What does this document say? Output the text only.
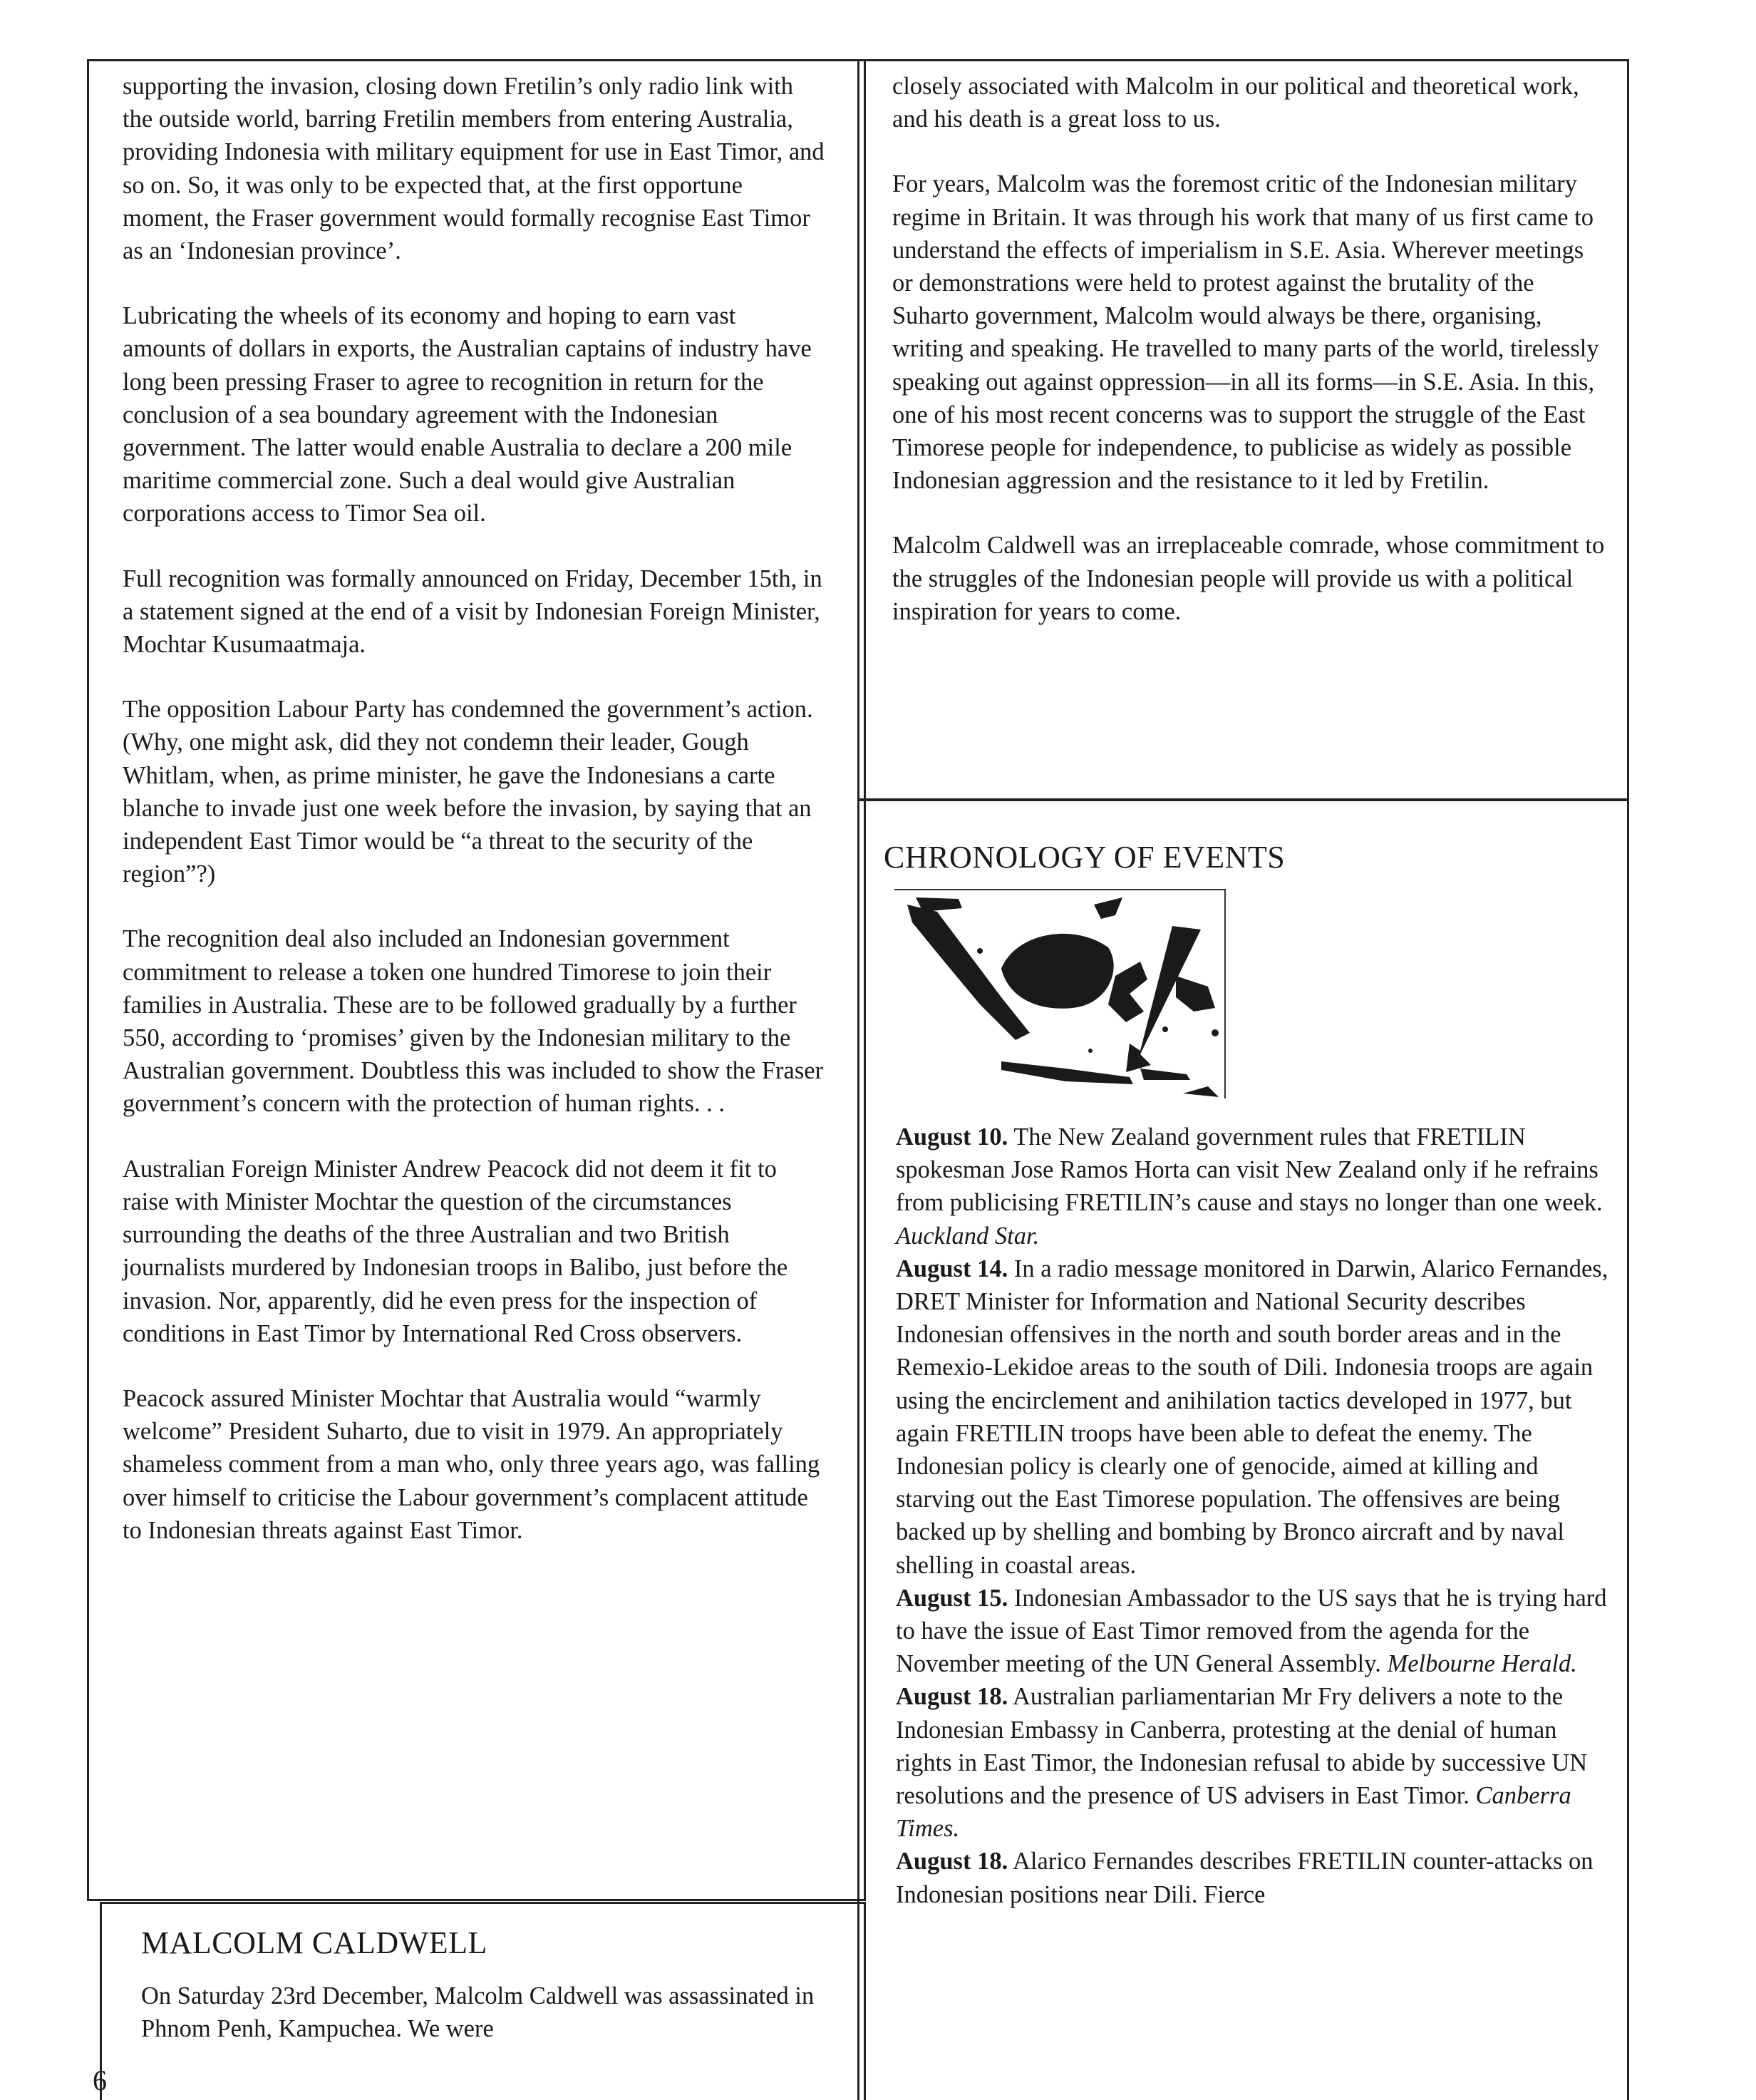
supporting the invasion, closing down Fretilin’s only radio link with the outside world, barring Fretilin members from entering Australia, providing Indonesia with military equipment for use in East Timor, and so on. So, it was only to be expected that, at the first opportune moment, the Fraser government would formally recognise East Timor as an ‘Indonesian province’.

Lubricating the wheels of its economy and hoping to earn vast amounts of dollars in exports, the Australian captains of industry have long been pressing Fraser to agree to recognition in return for the conclusion of a sea boundary agreement with the Indonesian government. The latter would enable Australia to declare a 200 mile maritime commercial zone. Such a deal would give Australian corporations access to Timor Sea oil.

Full recognition was formally announced on Friday, December 15th, in a statement signed at the end of a visit by Indonesian Foreign Minister, Mochtar Kusumaatmaja.

The opposition Labour Party has condemned the government’s action. (Why, one might ask, did they not condemn their leader, Gough Whitlam, when, as prime minister, he gave the Indonesians a carte blanche to invade just one week before the invasion, by saying that an independent East Timor would be “a threat to the security of the region”?)

The recognition deal also included an Indonesian government commitment to release a token one hundred Timorese to join their families in Australia. These are to be followed gradually by a further 550, according to ‘promises’ given by the Indonesian military to the Australian government. Doubtless this was included to show the Fraser government’s concern with the protection of human rights. . .

Australian Foreign Minister Andrew Peacock did not deem it fit to raise with Minister Mochtar the question of the circumstances surrounding the deaths of the three Australian and two British journalists murdered by Indonesian troops in Balibo, just before the invasion. Nor, apparently, did he even press for the inspection of conditions in East Timor by International Red Cross observers.

Peacock assured Minister Mochtar that Australia would “warmly welcome” President Suharto, due to visit in 1979. An appropriately shameless comment from a man who, only three years ago, was falling over himself to criticise the Labour government’s complacent attitude to Indonesian threats against East Timor.

MALCOLM CALDWELL

On Saturday 23rd December, Malcolm Caldwell was assassinated in Phnom Penh, Kampuchea. We were

closely associated with Malcolm in our political and theoretical work, and his death is a great loss to us.

For years, Malcolm was the foremost critic of the Indonesian military regime in Britain. It was through his work that many of us first came to understand the effects of imperialism in S.E. Asia. Wherever meetings or demonstrations were held to protest against the brutality of the Suharto government, Malcolm would always be there, organising, writing and speaking. He travelled to many parts of the world, tirelessly speaking out against oppression—in all its forms—in S.E. Asia. In this, one of his most recent concerns was to support the struggle of the East Timorese people for independence, to publicise as widely as possible Indonesian aggression and the resistance to it led by Fretilin.

Malcolm Caldwell was an irreplaceable comrade, whose commitment to the struggles of the Indonesian people will provide us with a political inspiration for years to come.

CHRONOLOGY OF EVENTS

August 10. The New Zealand government rules that FRETILIN spokesman Jose Ramos Horta can visit New Zealand only if he refrains from publicising FRETILIN’s cause and stays no longer than one week. Auckland Star.

August 14. In a radio message monitored in Darwin, Alarico Fernandes, DRET Minister for Information and National Security describes Indonesian offensives in the north and south border areas and in the Remexio-Lekidoe areas to the south of Dili. Indonesia troops are again using the encirclement and anihilation tactics developed in 1977, but again FRETILIN troops have been able to defeat the enemy. The Indonesian policy is clearly one of genocide, aimed at killing and starving out the East Timorese population. The offensives are being backed up by shelling and bombing by Bronco aircraft and by naval shelling in coastal areas.

August 15. Indonesian Ambassador to the US says that he is trying hard to have the issue of East Timor removed from the agenda for the November meeting of the UN General Assembly. Melbourne Herald.

August 18. Australian parliamentarian Mr Fry delivers a note to the Indonesian Embassy in Canberra, protesting at the denial of human rights in East Timor, the Indonesian refusal to abide by successive UN resolutions and the presence of US advisers in East Timor. Canberra Times.

August 18. Alarico Fernandes describes FRETILIN counter-attacks on Indonesian positions near Dili. Fierce

6
